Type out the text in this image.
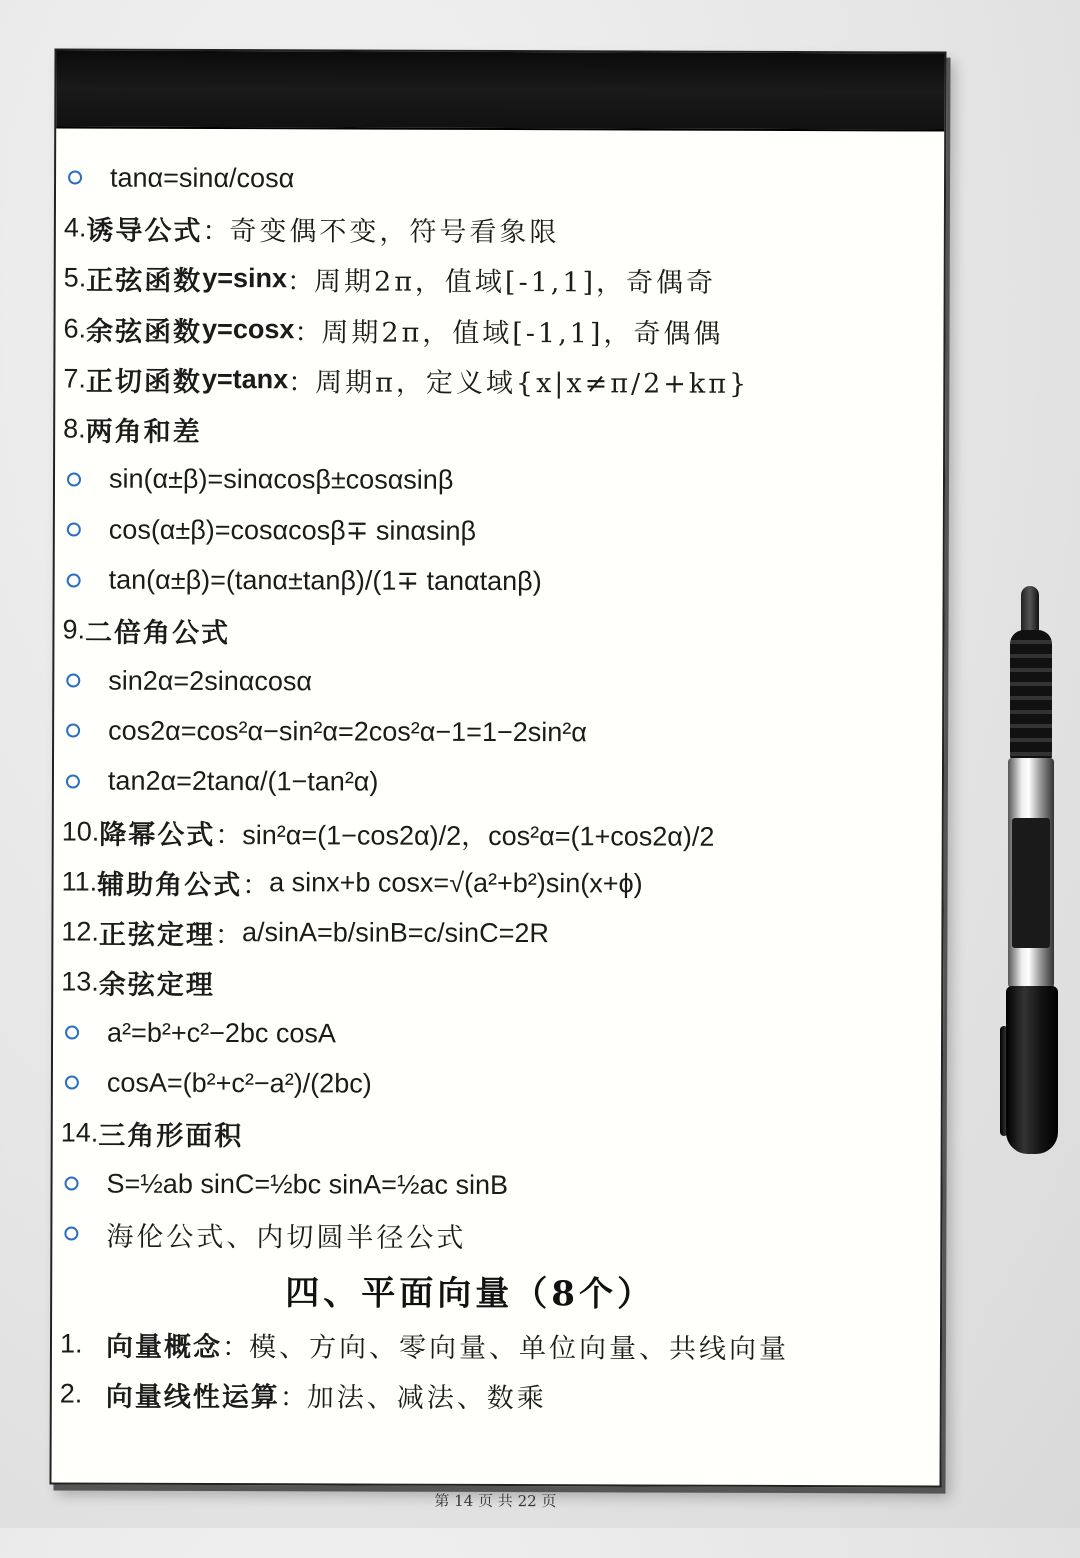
tanα=sinα/cosα
4. 诱导公式 ： 奇变偶不变，符号看象限
5. 正弦函数 y=sinx ： 周期2π，值域[-1,1]，奇偶奇
6. 余弦函数 y=cosx ： 周期2π，值域[-1,1]，奇偶偶
7. 正切函数 y=tanx ： 周期π，定义域{x|x≠π/2+kπ}
8. 两角和差
sin(α±β)=sinαcosβ±cosαsinβ
cos(α±β)=cosαcosβ∓ sinαsinβ
tan(α±β)=(tanα±tanβ)/(1∓ tanαtanβ)
9. 二倍角公式
sin2α=2sinαcosα
cos2α=cos²α−sin²α=2cos²α−1=1−2sin²α
tan2α=2tanα/(1−tan²α)
10. 降幂公式 ： sin²α=(1−cos2α)/2，cos²α=(1+cos2α)/2
11. 辅助角公式 ： a sinx+b cosx=√(a²+b²)sin(x+ϕ)
12. 正弦定理 ： a/sinA=b/sinB=c/sinC=2R
13. 余弦定理
a²=b²+c²−2bc cosA
cosA=(b²+c²−a²)/(2bc)
14. 三角形面积
S=½ab sinC=½bc sinA=½ac sinB
海伦公式、内切圆半径公式
四、平面向量（8个）
1. 向量概念 ： 模、方向、零向量、单位向量、共线向量
2. 向量线性运算 ： 加法、减法、数乘
第 14 页 共 22 页
